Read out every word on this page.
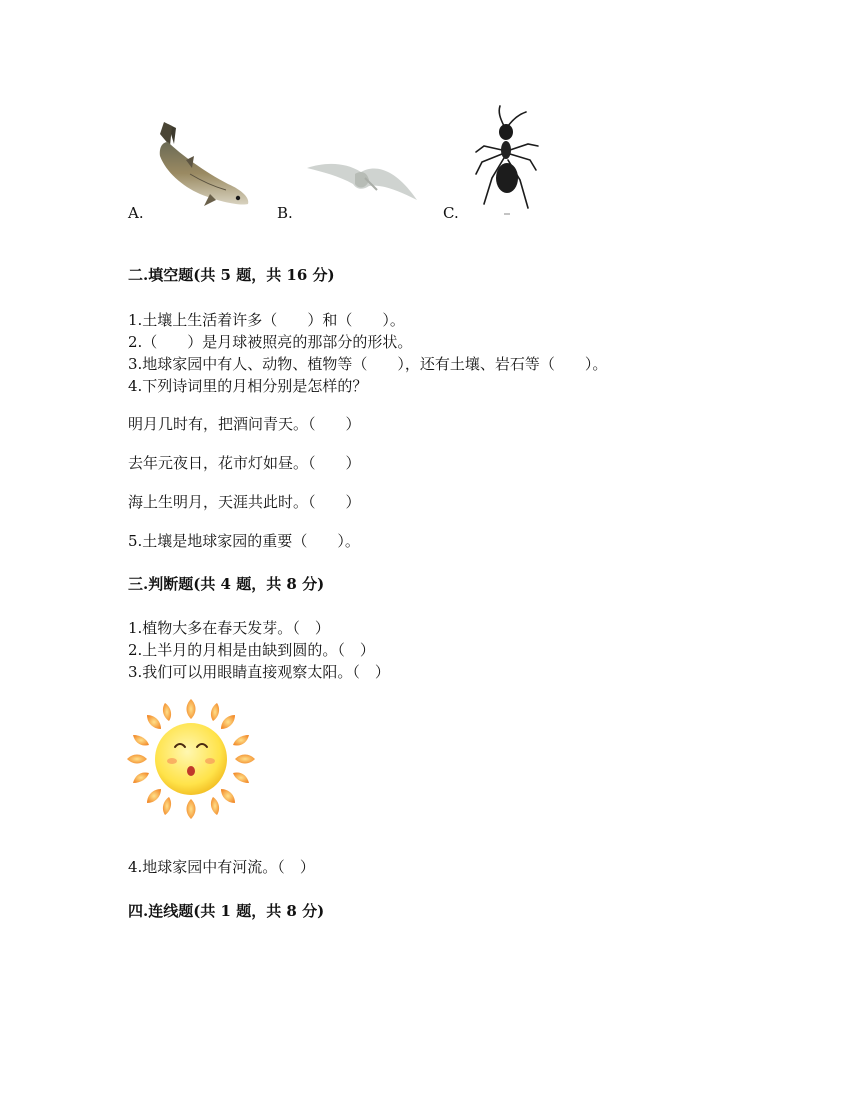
A.	B.	C.
二.填空题(共 5 题，共 16 分)
1.土壤上生活着许多（　　）和（　　）。
2.（　　）是月球被照亮的那部分的形状。
3.地球家园中有人、动物、植物等（　　），还有土壤、岩石等（　　）。
4.下列诗词里的月相分别是怎样的？
明月几时有，把酒问青天。（　　）
去年元夜日，花市灯如昼。（　　）
海上生明月，天涯共此时。（　　）
5.土壤是地球家园的重要（　　）。
三.判断题(共 4 题，共 8 分)
1.植物大多在春天发芽。（　）
2.上半月的月相是由缺到圆的。（　）
3.我们可以用眼睛直接观察太阳。（　）
4.地球家园中有河流。（　）
四.连线题(共 1 题，共 8 分)
